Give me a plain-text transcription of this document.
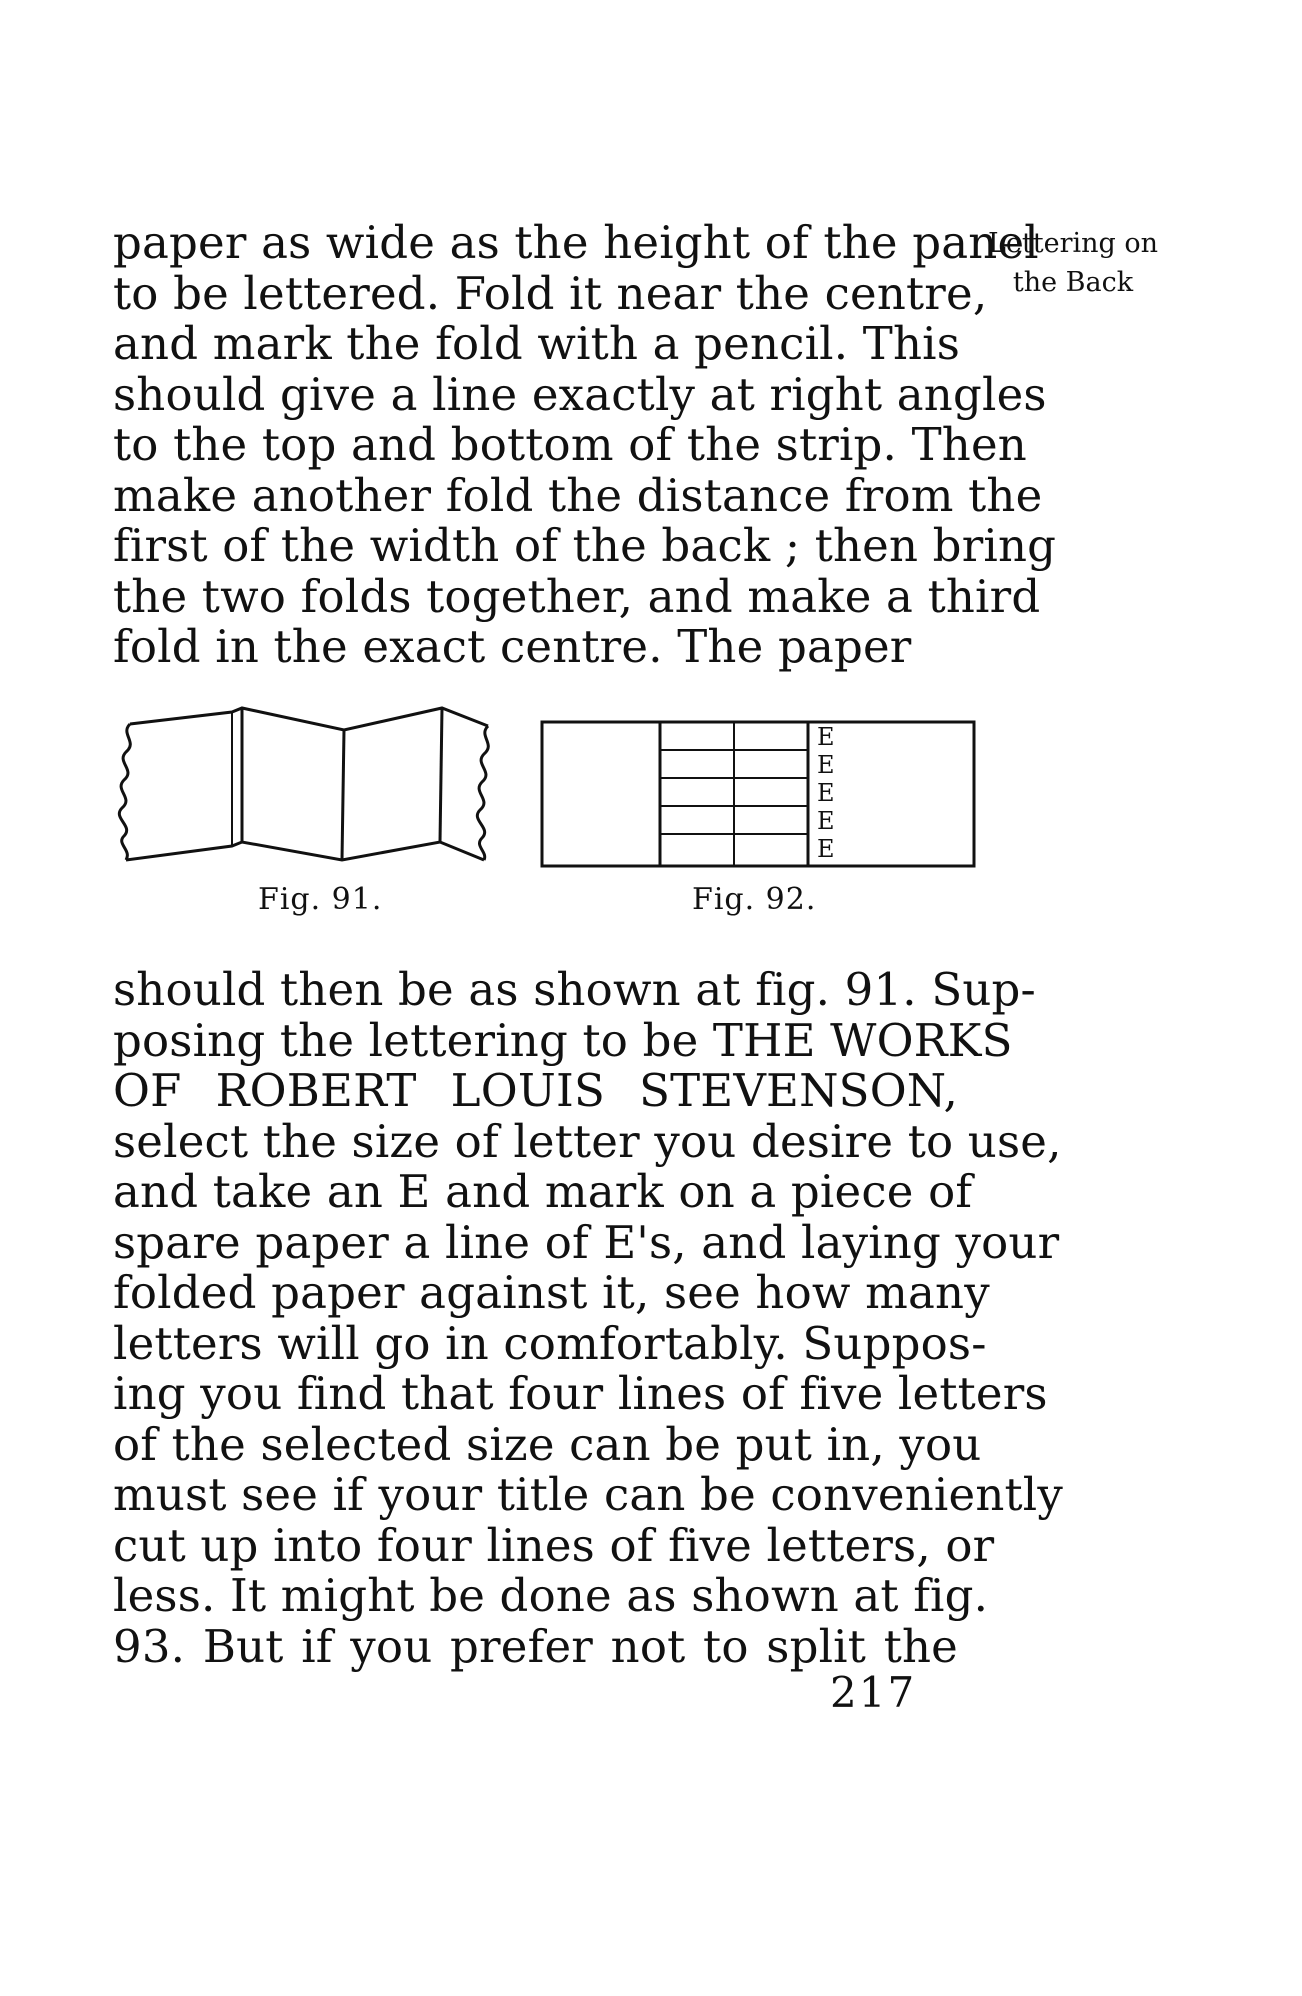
paper as wide as the height of the panel
to be lettered. Fold it near the centre,
and mark the fold with a pencil. This
should give a line exactly at right angles
to the top and bottom of the strip. Then
make another fold the distance from the
first of the width of the back ; then bring
the two folds together, and make a third
fold in the exact centre. The paper
Lettering on
the Back
E
E
E
E
E
Fig. 91.	Fig. 92.
should then be as shown at fig. 91. Sup-
posing the lettering to be THE WORKS
OF ROBERT LOUIS STEVENSON,
select the size of letter you desire to use,
and take an E and mark on a piece of
spare paper a line of E's, and laying your
folded paper against it, see how many
letters will go in comfortably. Suppos-
ing you find that four lines of five letters
of the selected size can be put in, you
must see if your title can be conveniently
cut up into four lines of five letters, or
less. It might be done as shown at fig.
93. But if you prefer not to split the
217
